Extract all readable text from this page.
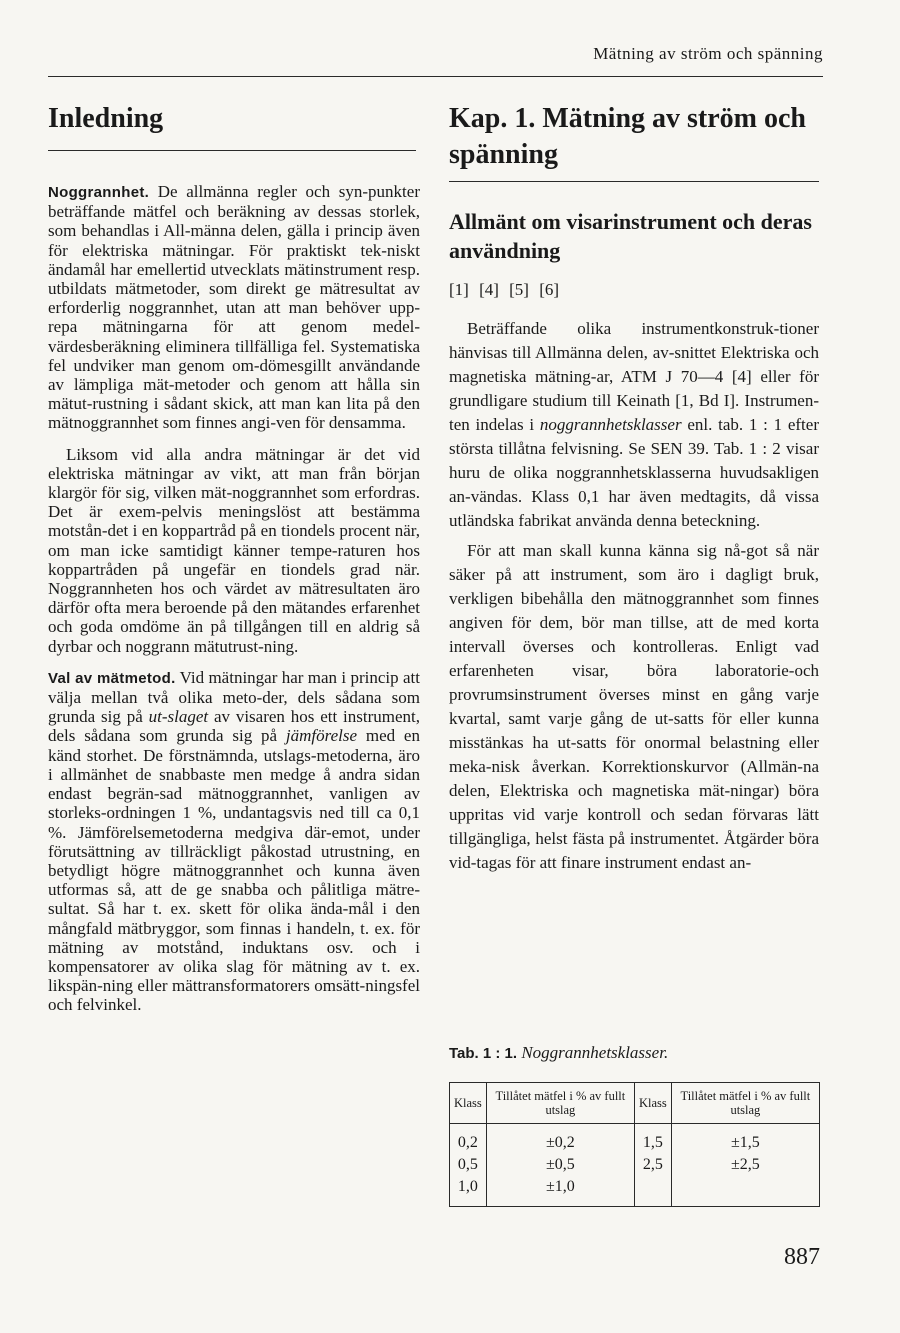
Mätning av ström och spänning
Inledning	Kap. 1. Mätning av ström och spänning
Allmänt om visarinstrument och deras användning
[1] [4] [5] [6]

Noggrannhet. De allmänna regler och syn-punkter beträffande mätfel och beräkning av dessas storlek, som behandlas i All-männa delen, gälla i princip även för elektriska mätningar. För praktiskt tek-niskt ändamål har emellertid utvecklats mätinstrument resp. utbildats mätmetoder, som direkt ge mätresultat av erforderlig noggrannhet, utan att man behöver upp-repa mätningarna för att genom medel-värdesberäkning eliminera tillfälliga fel. Systematiska fel undviker man genom om-dömesgillt användande av lämpliga mät-metoder och genom att hålla sin mätut-rustning i sådant skick, att man kan lita på den mätnoggrannhet som finnes angi-ven för densamma.

Liksom vid alla andra mätningar är det vid elektriska mätningar av vikt, att man från början klargör för sig, vilken mät-noggrannhet som erfordras. Det är exem-pelvis meningslöst att bestämma motstån-det i en koppartråd på en tiondels procent när, om man icke samtidigt känner tempe-raturen hos koppartråden på ungefär en tiondels grad när. Noggrannheten hos och värdet av mätresultaten äro därför ofta mera beroende på den mätandes erfarenhet och goda omdöme än på tillgången till en aldrig så dyrbar och noggrann mätutrust-ning.

Val av mätmetod. Vid mätningar har man i princip att välja mellan två olika meto-der, dels sådana som grunda sig på ut-slaget av visaren hos ett instrument, dels sådana som grunda sig på jämförelse med en känd storhet. De förstnämnda, utslags-metoderna, äro i allmänhet de snabbaste men medge å andra sidan endast begrän-sad mätnoggrannhet, vanligen av storleks-ordningen 1 %, undantagsvis ned till ca 0,1 %. Jämförelsemetoderna medgiva där-emot, under förutsättning av tillräckligt påkostad utrustning, en betydligt högre mätnoggrannhet och kunna även utformas så, att de ge snabba och pålitliga mätre-sultat. Så har t. ex. skett för olika ända-mål i den mångfald mätbryggor, som finnas i handeln, t. ex. för mätning av motstånd, induktans osv. och i kompensatorer av olika slag för mätning av t. ex. likspän-ning eller mättransformatorers omsätt-ningsfel och felvinkel.

Beträffande olika instrumentkonstruk-tioner hänvisas till Allmänna delen, av-snittet Elektriska och magnetiska mätning-ar, ATM J 70—4 [4] eller för grundligare studium till Keinath [1, Bd I]. Instrumen-ten indelas i noggrannhetsklasser enl. tab. 1 : 1 efter största tillåtna felvisning. Se SEN 39. Tab. 1 : 2 visar huru de olika noggrannhetsklasserna huvudsakligen an-vändas. Klass 0,1 har även medtagits, då vissa utländska fabrikat använda denna beteckning.

För att man skall kunna känna sig nå-got så när säker på att instrument, som äro i dagligt bruk, verkligen bibehålla den mätnoggrannhet som finnes angiven för dem, bör man tillse, att de med korta intervall överses och kontrolleras. Enligt vad erfarenheten visar, böra laboratorie-och provrumsinstrument överses minst en gång varje kvartal, samt varje gång de ut-satts för eller kunna misstänkas ha ut-satts för onormal belastning eller meka-nisk åverkan. Korrektionskurvor (Allmän-na delen, Elektriska och magnetiska mät-ningar) böra uppritas vid varje kontroll och sedan förvaras lätt tillgängliga, helst fästa på instrumentet. Åtgärder böra vid-tagas för att finare instrument endast an-

Tab. 1 : 1. Noggrannhetsklasser.
Klass	Tillåtet mätfel i % av fullt utslag	Klass	Tillåtet mätfel i % av fullt utslag
0,2	±0,2	1,5	±1,5
0,5	±0,5	2,5	±2,5
1,0	±1,0		
887
